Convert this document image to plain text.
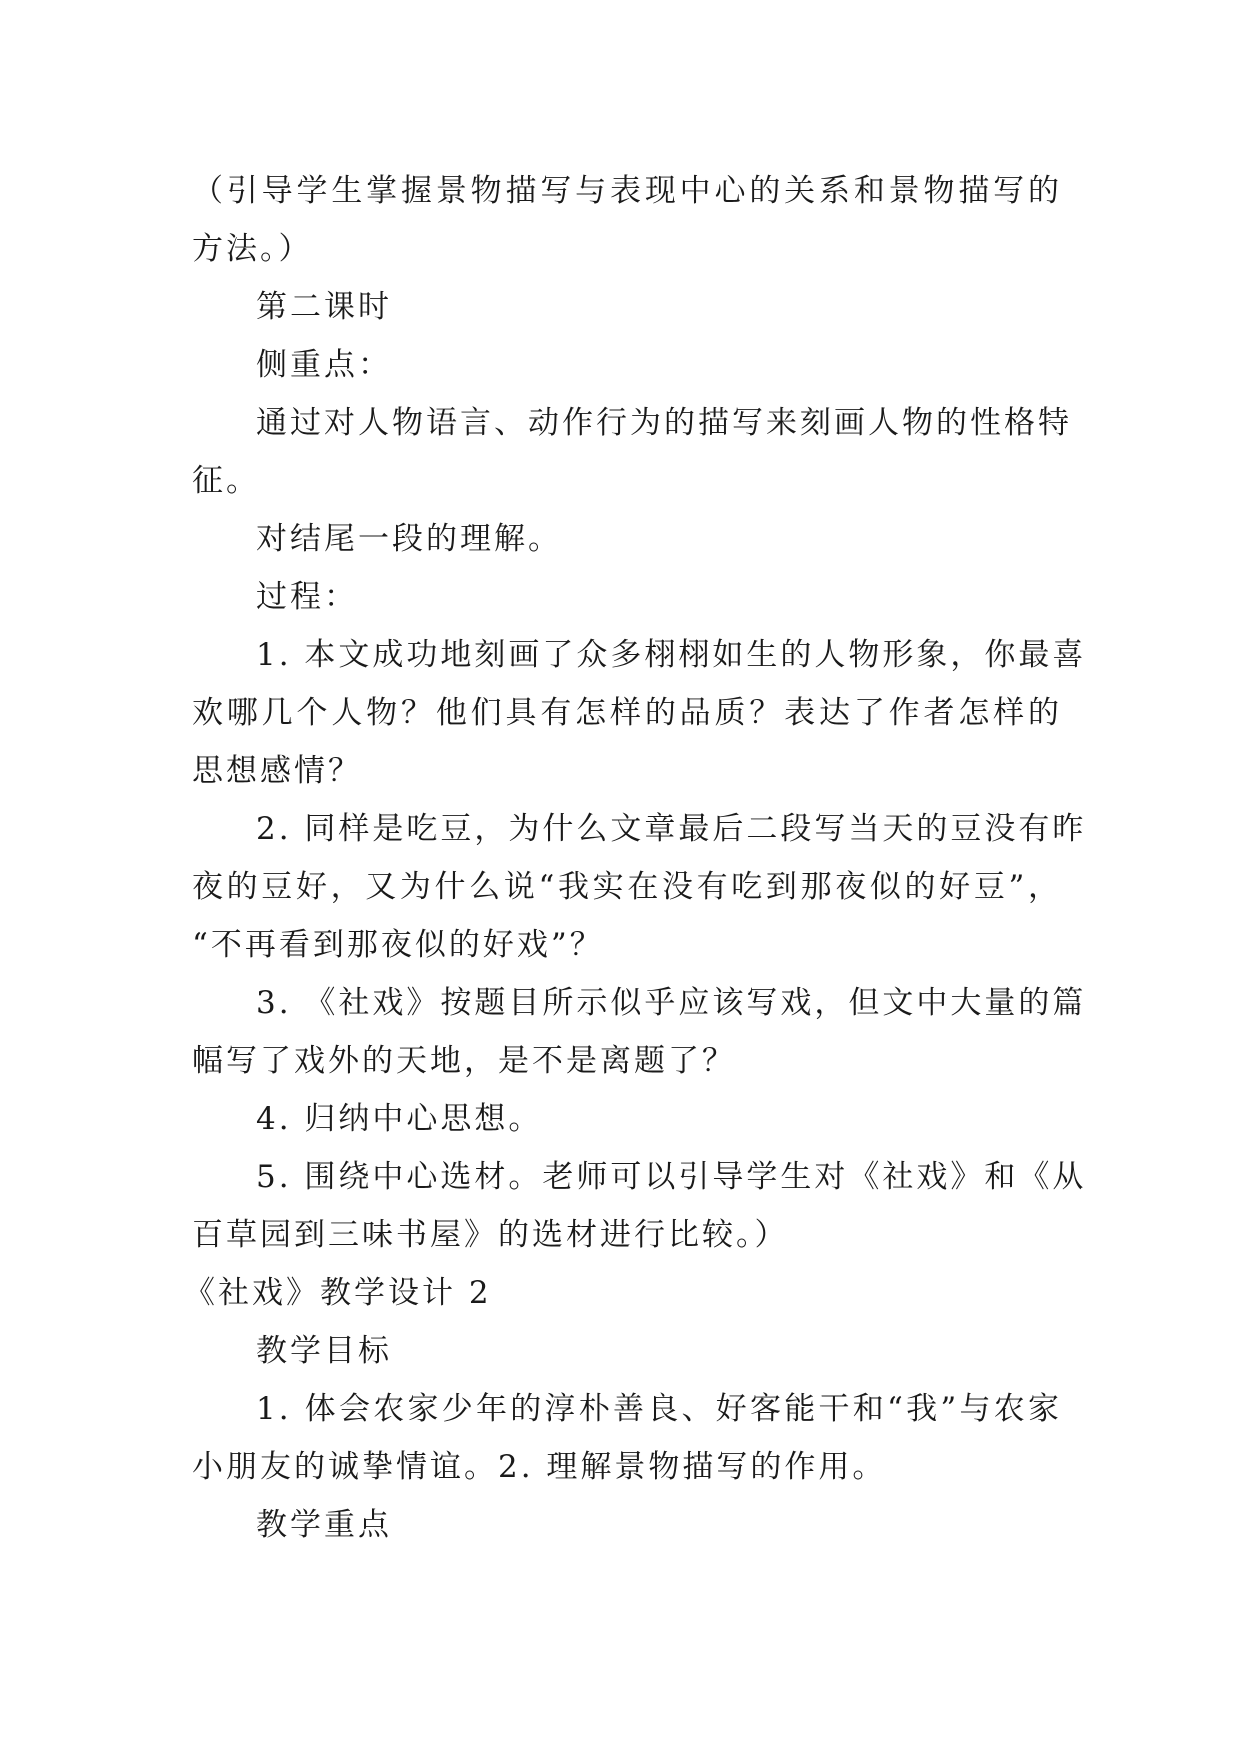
（引导学生掌握景物描写与表现中心的关系和景物描写的
方法。）
第二课时
侧重点：
通过对人物语言、动作行为的描写来刻画人物的性格特
征。
对结尾一段的理解。
过程：
1. 本文成功地刻画了众多栩栩如生的人物形象，你最喜
欢哪几个人物？他们具有怎样的品质？表达了作者怎样的
思想感情？
2. 同样是吃豆，为什么文章最后二段写当天的豆没有昨
夜的豆好，又为什么说“我实在没有吃到那夜似的好豆”，
“不再看到那夜似的好戏”？
3. 《社戏》按题目所示似乎应该写戏，但文中大量的篇
幅写了戏外的天地，是不是离题了？
4. 归纳中心思想。
5. 围绕中心选材。老师可以引导学生对《社戏》和《从
百草园到三味书屋》的选材进行比较。）
《社戏》教学设计 2
教学目标
1. 体会农家少年的淳朴善良、好客能干和“我”与农家
小朋友的诚挚情谊。2. 理解景物描写的作用。
教学重点
